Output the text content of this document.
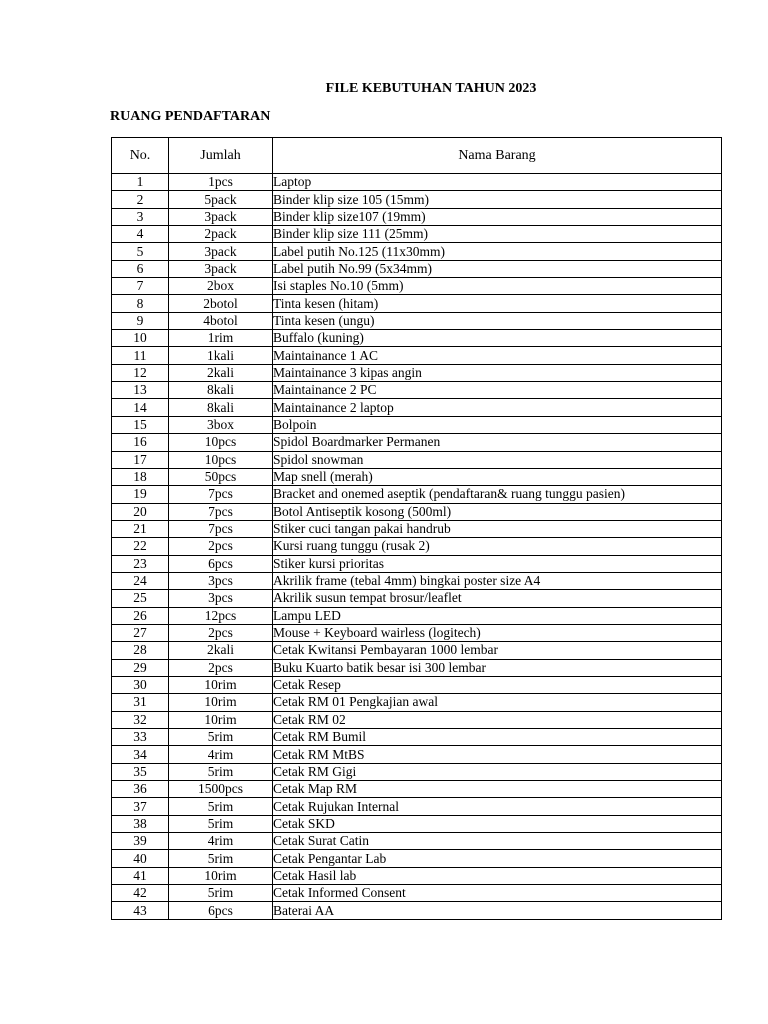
FILE KEBUTUHAN TAHUN 2023
RUANG PENDAFTARAN
No.	Jumlah	Nama Barang
1	1pcs	Laptop
2	5pack	Binder klip size 105 (15mm)
3	3pack	Binder klip size107 (19mm)
4	2pack	Binder klip size 111 (25mm)
5	3pack	Label putih No.125 (11x30mm)
6	3pack	Label putih No.99 (5x34mm)
7	2box	Isi staples No.10 (5mm)
8	2botol	Tinta kesen (hitam)
9	4botol	Tinta kesen (ungu)
10	1rim	Buffalo (kuning)
11	1kali	Maintainance 1 AC
12	2kali	Maintainance 3 kipas angin
13	8kali	Maintainance 2 PC
14	8kali	Maintainance 2 laptop
15	3box	Bolpoin
16	10pcs	Spidol Boardmarker Permanen
17	10pcs	Spidol snowman
18	50pcs	Map snell (merah)
19	7pcs	Bracket and onemed aseptik (pendaftaran& ruang tunggu pasien)
20	7pcs	Botol Antiseptik kosong (500ml)
21	7pcs	Stiker cuci tangan pakai handrub
22	2pcs	Kursi ruang tunggu (rusak 2)
23	6pcs	Stiker kursi prioritas
24	3pcs	Akrilik frame (tebal 4mm) bingkai poster size A4
25	3pcs	Akrilik susun tempat brosur/leaflet
26	12pcs	Lampu LED
27	2pcs	Mouse + Keyboard wairless (logitech)
28	2kali	Cetak Kwitansi Pembayaran 1000 lembar
29	2pcs	Buku Kuarto batik besar isi 300 lembar
30	10rim	Cetak Resep
31	10rim	Cetak RM 01 Pengkajian awal
32	10rim	Cetak RM 02
33	5rim	Cetak RM Bumil
34	4rim	Cetak RM MtBS
35	5rim	Cetak RM Gigi
36	1500pcs	Cetak Map RM
37	5rim	Cetak Rujukan Internal
38	5rim	Cetak SKD
39	4rim	Cetak Surat Catin
40	5rim	Cetak Pengantar Lab
41	10rim	Cetak Hasil lab
42	5rim	Cetak Informed Consent
43	6pcs	Baterai AA
